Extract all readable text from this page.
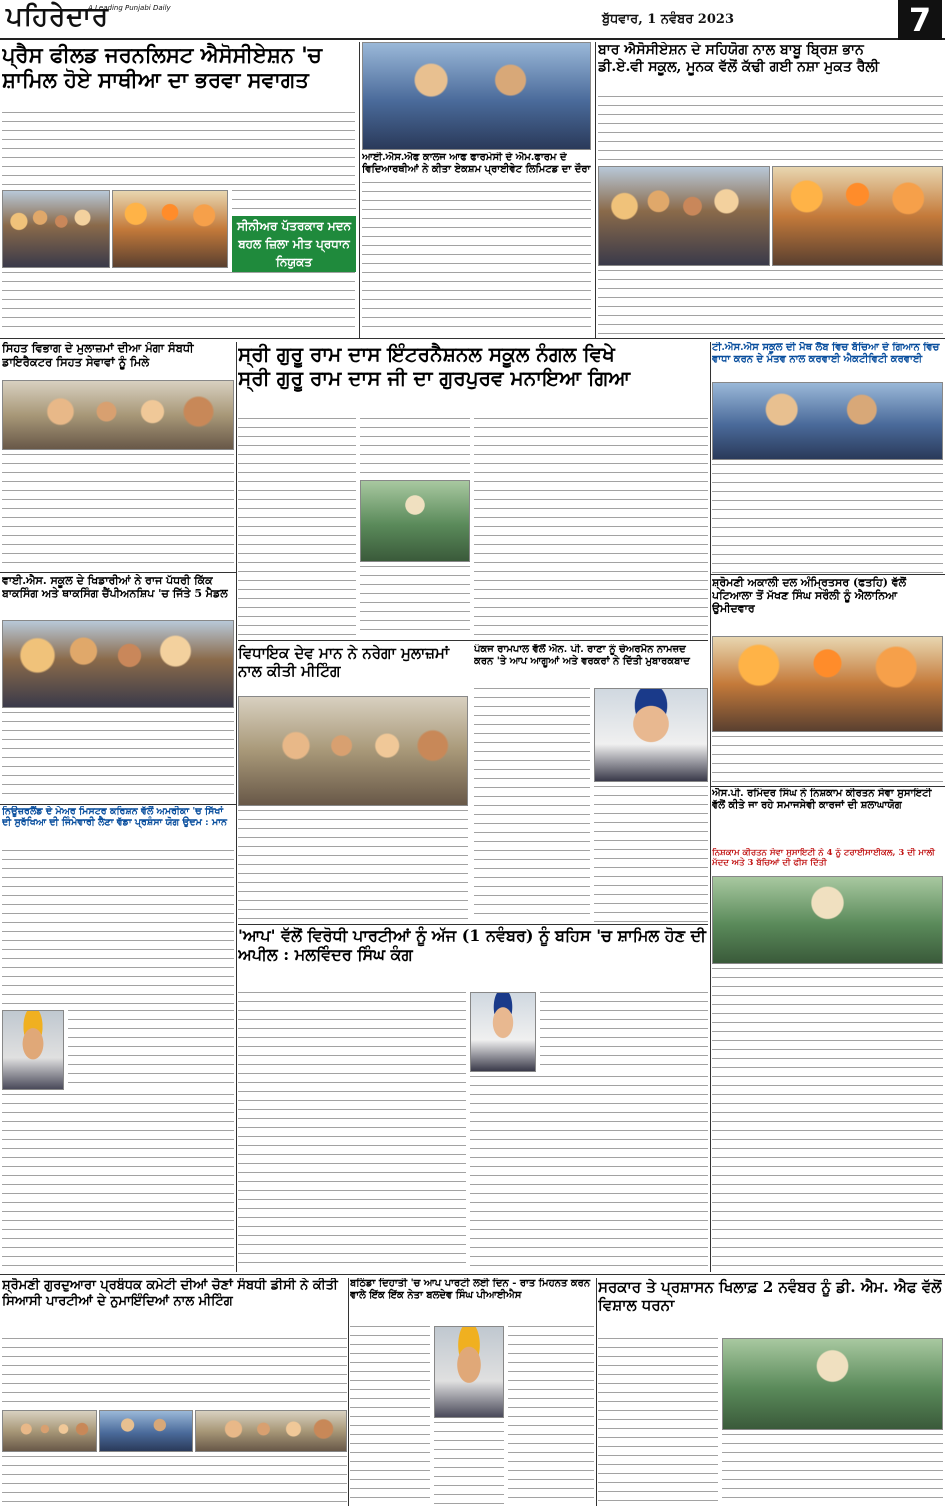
ਪਹਿਰੇਦਾਰ
A Leading Punjabi Daily
ਬੁੱਧਵਾਰ, 1 ਨਵੰਬਰ 2023	7
ਪ੍ਰੈਸ ਫੀਲਡ ਜਰਨਲਿਸਟ ਐਸੋਸੀਏਸ਼ਨ 'ਚ ਸ਼ਾਮਿਲ ਹੋਏ ਸਾਥੀਆ ਦਾ ਭਰਵਾ ਸਵਾਗਤ
ਸੀਨੀਅਰ ਪੱਤਰਕਾਰ ਮਦਨ ਬਹਲ ਜ਼ਿਲਾ ਮੀਤ ਪ੍ਰਧਾਨ ਨਿਯੁਕਤ
ਆਈ.ਐਸ.ਐਫ ਕਾਲਜ ਆਫ ਫਾਰਮੇਸੀ ਦੇ ਐਮ.ਫਾਰਮ ਦੇ ਵਿਦਿਆਰਥੀਆਂ ਨੇ ਕੀਤਾ ਏਕਸ਼ਮ ਪ੍ਰਾਈਵੇਟ ਲਿਮਿਟਡ ਦਾ ਦੌਰਾ
ਬਾਰ ਐਸੋਸੀਏਸ਼ਨ ਦੇ ਸਹਿਯੋਗ ਨਾਲ ਬਾਬੂ ਬ੍ਰਿਸ਼ ਭਾਨ
ਡੀ.ਏ.ਵੀ ਸਕੂਲ, ਮੂਨਕ ਵੱਲੋਂ ਕੱਢੀ ਗਈ ਨਸ਼ਾ ਮੁਕਤ ਰੈਲੀ
ਸਿਹਤ ਵਿਭਾਗ ਦੇ ਮੁਲਾਜ਼ਮਾਂ ਦੀਆ ਮੰਗਾ ਸੰਬਧੀ ਡਾਇਰੈਕਟਰ ਸਿਹਤ ਸੇਵਾਵਾਂ ਨੂੰ ਮਿਲੇ	ਸ੍ਰੀ ਗੁਰੂ ਰਾਮ ਦਾਸ ਇੰਟਰਨੈਸ਼ਨਲ ਸਕੂਲ ਨੰਗਲ ਵਿਖੇ
ਸ੍ਰੀ ਗੁਰੂ ਰਾਮ ਦਾਸ ਜੀ ਦਾ ਗੁਰਪੁਰਵ ਮਨਾਇਆ ਗਿਆ
ਟੀ.ਐਸ.ਐਸ ਸਕੂਲ ਦੀ ਮੈਥ ਲੈਬ ਵਿਚ ਬੱਚਿਆ ਦੇ ਗਿਆਨ ਵਿਚ ਵਾਧਾ ਕਰਨ ਦੇ ਮੰਤਵ ਨਾਲ ਕਰਵਾਈ ਐਕਟੀਵਿਟੀ ਕਰਵਾਈ
ਵਾਈ.ਐਸ. ਸਕੂਲ ਦੇ ਖਿਡਾਰੀਆਂ ਨੇ ਰਾਜ ਪੱਧਰੀ ਕਿੱਕ ਬਾਕਸਿੰਗ ਅਤੇ ਥਾਕਸਿੰਗ ਚੈਂਪੀਅਨਸ਼ਿਪ 'ਚ ਜਿੱਤੇ 5 ਮੈਡਲ
ਸ਼੍ਰੋਮਣੀ ਅਕਾਲੀ ਦਲ ਅੰਮ੍ਰਿਤਸਰ (ਫਤਹਿ) ਵੱਲੋਂ ਪਟਿਆਲਾ ਤੋਂ ਮੱਖਣ ਸਿੰਘ ਸਰੌਲੀ ਨੂੰ ਐਲਾਨਿਆ ਉਮੀਦਵਾਰ
ਵਿਧਾਇਕ ਦੇਵ ਮਾਨ ਨੇ ਨਰੇਗਾ ਮੁਲਾਜ਼ਮਾਂ ਨਾਲ ਕੀਤੀ ਮੀਟਿੰਗ
ਪੰਕਜ ਰਾਮਪਾਲ ਵੱਲੋਂ ਐਨ. ਪੀ. ਰਾਣਾ ਨੂੰ ਚੇਅਰਮੈਨ ਨਾਮਜ਼ਦ ਕਰਨ 'ਤੇ ਆਪ ਆਗੂਆਂ ਅਤੇ ਵਰਕਰਾਂ ਨੇ ਦਿੱਤੀ ਮੁਬਾਰਕਬਾਦ
ਨਿਊਜ਼ਰਲੈਂਡ ਦੇ ਮੇਅਰ ਮਿਸਟਰ ਕਰਿਸ਼ਨ ਵੱਲੋਂ ਅਮਰੀਕਾ 'ਚ ਸਿੱਖਾਂ ਦੀ ਸੁਰੱਖਿਆ ਦੀ ਜਿੰਮੇਵਾਰੀ ਲੈਣਾ ਵੱਡਾ ਪ੍ਰਸ਼ੰਸਾ ਯੋਗ ਉਦਮ : ਮਾਨ
ਐਸ.ਪੀ. ਰਮਿੰਦਰ ਸਿੰਘ ਨੇ ਨਿਸ਼ਕਾਮ ਕੀਰਤਨ ਸੇਵਾ ਸੁਸਾਇਟੀ ਵੱਲੋਂ ਕੀਤੇ ਜਾ ਰਹੇ ਸਮਾਜਸੇਵੀ ਕਾਰਜਾਂ ਦੀ ਸ਼ਲਾਘਾਯੋਗ
ਨਿਸ਼ਕਾਮ ਕੀਰਤਨ ਸੇਵਾ ਸੁਸਾਇਟੀ ਨੇ 4 ਨੂੰ ਟਰਾਈਸਾਈਕਲ, 3 ਦੀ ਮਾਲੀ ਮੱਦਦ ਅਤੇ 3 ਬੱਚਿਆਂ ਦੀ ਫੀਸ ਦਿੱਤੀ
'ਆਪ' ਵੱਲੋਂ ਵਿਰੋਧੀ ਪਾਰਟੀਆਂ ਨੂੰ ਅੱਜ (1 ਨਵੰਬਰ) ਨੂੰ ਬਹਿਸ 'ਚ ਸ਼ਾਮਿਲ ਹੋਣ ਦੀ ਅਪੀਲ : ਮਲਵਿੰਦਰ ਸਿੰਘ ਕੰਗ
ਸ਼੍ਰੋਮਣੀ ਗੁਰਦੁਆਰਾ ਪ੍ਰਬੰਧਕ ਕਮੇਟੀ ਦੀਆਂ ਚੋਣਾਂ ਸੰਬਧੀ ਡੀਸੀ ਨੇ ਕੀਤੀ ਸਿਆਸੀ ਪਾਰਟੀਆਂ ਦੇ ਨੁਮਾਇੰਦਿਆਂ ਨਾਲ ਮੀਟਿੰਗ
ਬਠਿੰਡਾ ਦਿਹਾਤੀ 'ਚ ਆਪ ਪਾਰਟੀ ਲਈ ਦਿਨ - ਰਾਤ ਮਿਹਨਤ ਕਰਨ ਵਾਲੇ ਇੱਕ ਇੱਕ ਨੇਤਾ ਬਲਦੇਵ ਸਿੰਘ ਪੀਆਈਐਸ	ਸਰਕਾਰ ਤੇ ਪ੍ਰਸ਼ਾਸਨ ਖਿਲਾਫ਼ 2 ਨਵੰਬਰ ਨੂੰ ਡੀ. ਐਮ. ਐਫ ਵੱਲੋਂ ਵਿਸ਼ਾਲ ਧਰਨਾ
